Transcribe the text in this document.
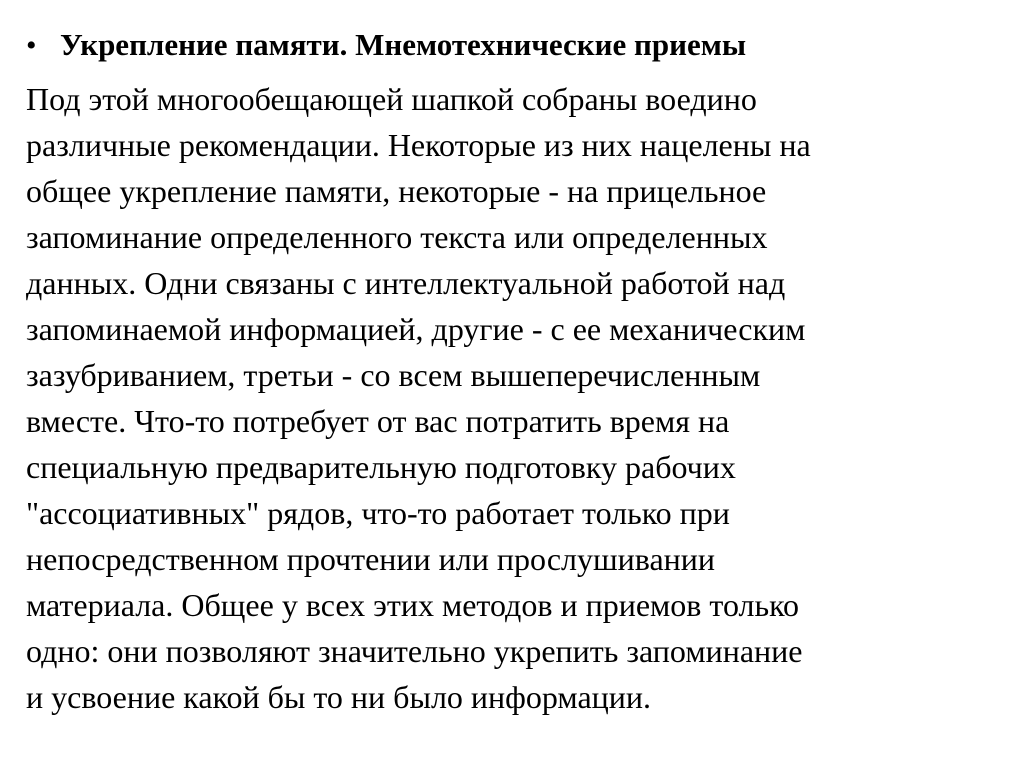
• Укрепление памяти. Мнемотехнические приемы
Под этой многообещающей шапкой собраны воедино
различные рекомендации. Некоторые из них нацелены на
общее укрепление памяти, некоторые - на прицельное
запоминание определенного текста или определенных
данных. Одни связаны с интеллектуальной работой над
запоминаемой информацией, другие - с ее механическим
зазубриванием, третьи - со всем вышеперечисленным
вместе. Что-то потребует от вас потратить время на
специальную предварительную подготовку рабочих
"ассоциативных" рядов, что-то работает только при
непосредственном прочтении или прослушивании
материала. Общее у всех этих методов и приемов только
одно: они позволяют значительно укрепить запоминание
и усвоение какой бы то ни было информации.
